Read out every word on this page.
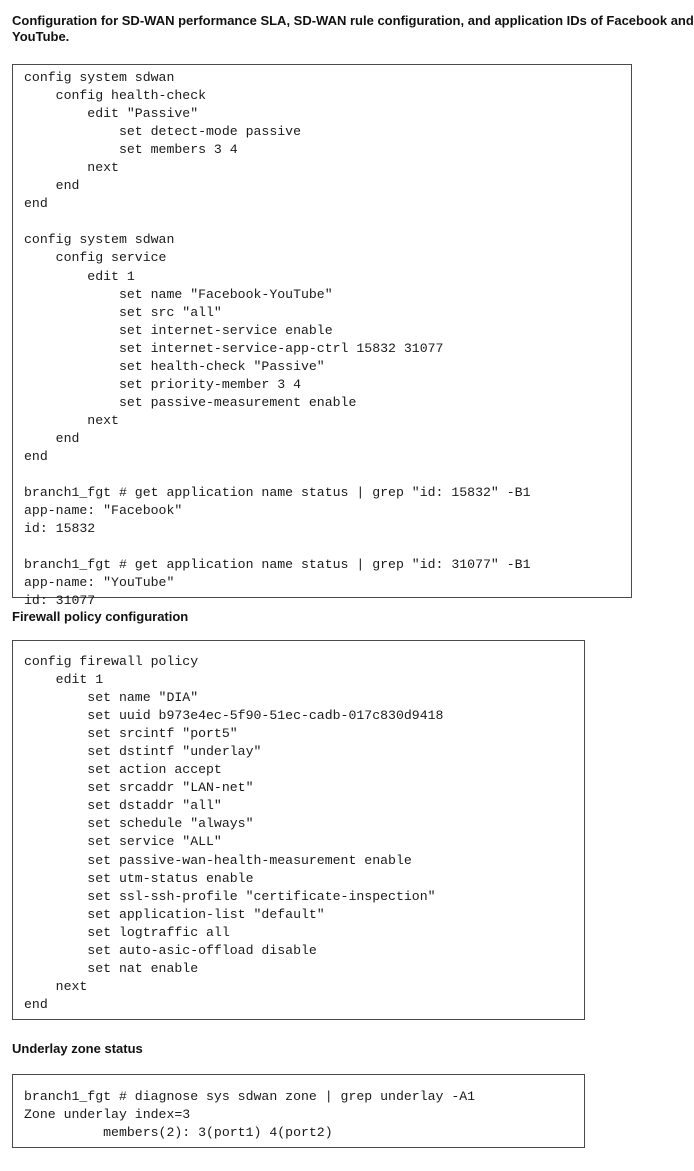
Configuration for SD-WAN performance SLA, SD-WAN rule configuration, and application IDs of Facebook and
YouTube.
config system sdwan
config health-check
edit "Passive"
set detect-mode passive
set members 3 4
next
end
end

config system sdwan
config service
edit 1
set name "Facebook-YouTube"
set src "all"
set internet-service enable
set internet-service-app-ctrl 15832 31077
set health-check "Passive"
set priority-member 3 4
set passive-measurement enable
next
end
end

branch1_fgt # get application name status | grep "id: 15832" -B1
app-name: "Facebook"
id: 15832

branch1_fgt # get application name status | grep "id: 31077" -B1
app-name: "YouTube"
id: 31077
Firewall policy configuration
config firewall policy
edit 1
set name "DIA"
set uuid b973e4ec-5f90-51ec-cadb-017c830d9418
set srcintf "port5"
set dstintf "underlay"
set action accept
set srcaddr "LAN-net"
set dstaddr "all"
set schedule "always"
set service "ALL"
set passive-wan-health-measurement enable
set utm-status enable
set ssl-ssh-profile "certificate-inspection"
set application-list "default"
set logtraffic all
set auto-asic-offload disable
set nat enable
next
end
Underlay zone status
branch1_fgt # diagnose sys sdwan zone | grep underlay -A1
Zone underlay index=3
members(2): 3(port1) 4(port2)
